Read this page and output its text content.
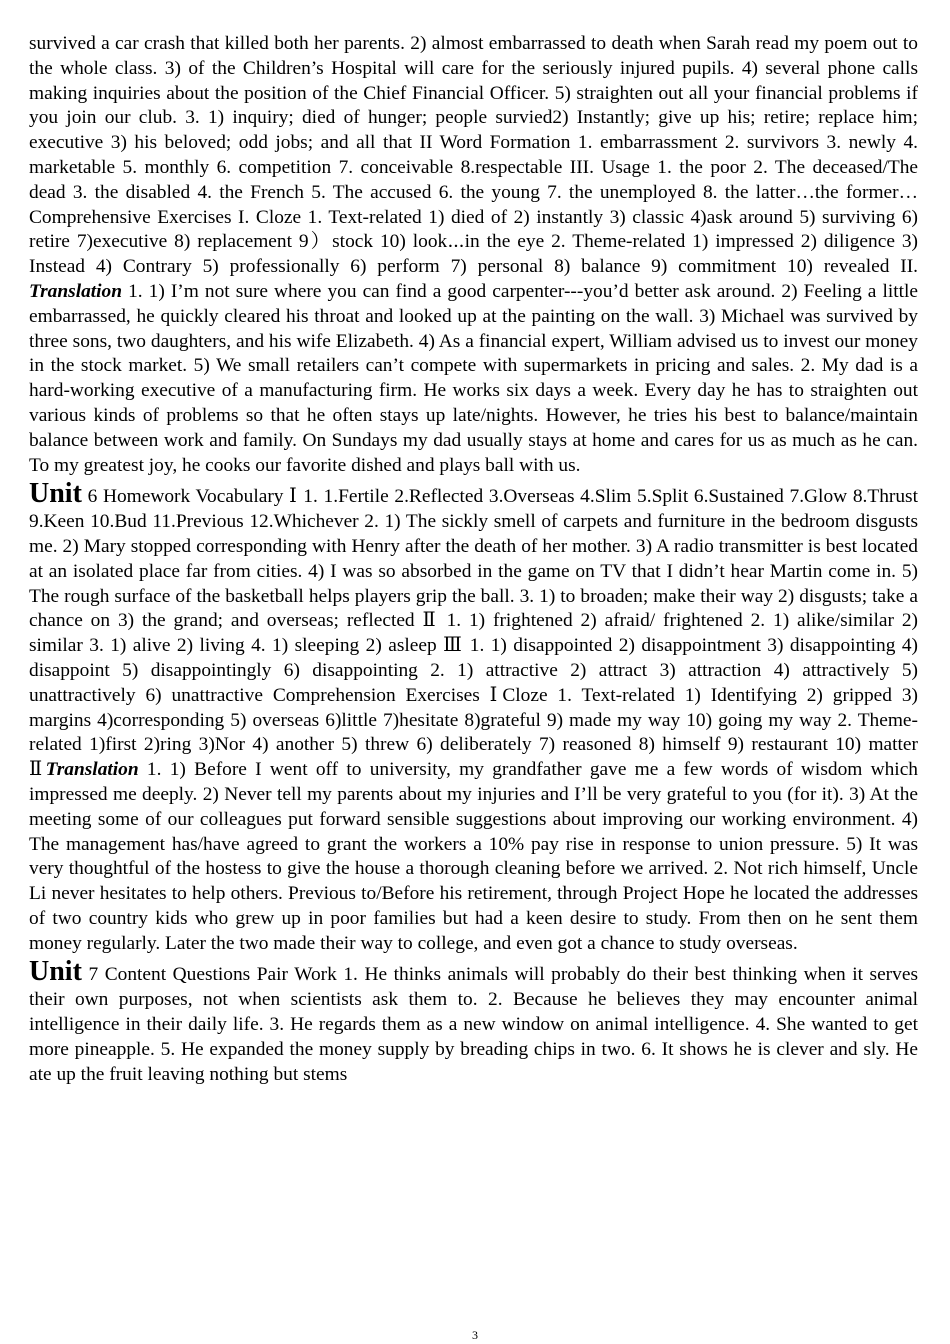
survived a car crash that killed both her parents. 2) almost embarrassed to death when Sarah read my poem out to the whole class. 3) of the Children’s Hospital will care for the seriously injured pupils. 4) several phone calls making inquiries about the position of the Chief Financial Officer. 5) straighten out all your financial problems if you join our club. 3. 1) inquiry; died of hunger; people survied2) Instantly; give up his; retire; replace him; executive 3) his beloved; odd jobs; and all that II Word Formation 1. embarrassment 2. survivors 3. newly 4. marketable 5. monthly 6. competition 7. conceivable 8.respectable III. Usage 1. the poor 2. The deceased/The dead 3. the disabled 4. the French 5. The accused 6. the young 7. the unemployed 8. the latter…the former… Comprehensive Exercises I. Cloze 1. Text-related 1) died of 2) instantly 3) classic 4)ask around 5) surviving 6) retire 7)executive 8) replacement 9）stock 10) look⋯in the eye 2. Theme-related 1) impressed 2) diligence 3) Instead 4) Contrary 5) professionally 6) perform 7) personal 8) balance 9) commitment 10) revealed II. Translation 1. 1) I’m not sure where you can find a good carpenter---you’d better ask around. 2) Feeling a little embarrassed, he quickly cleared his throat and looked up at the painting on the wall. 3) Michael was survived by three sons, two daughters, and his wife Elizabeth. 4) As a financial expert, William advised us to invest our money in the stock market. 5) We small retailers can’t compete with supermarkets in pricing and sales. 2. My dad is a hard-working executive of a manufacturing firm. He works six days a week. Every day he has to straighten out various kinds of problems so that he often stays up late/nights. However, he tries his best to balance/maintain balance between work and family. On Sundays my dad usually stays at home and cares for us as much as he can. To my greatest joy, he cooks our favorite dished and plays ball with us.

Unit 6 Homework Vocabulary Ⅰ 1. 1.Fertile 2.Reflected 3.Overseas 4.Slim 5.Split 6.Sustained 7.Glow 8.Thrust 9.Keen 10.Bud 11.Previous 12.Whichever 2. 1) The sickly smell of carpets and furniture in the bedroom disgusts me. 2) Mary stopped corresponding with Henry after the death of her mother. 3) A radio transmitter is best located at an isolated place far from cities. 4) I was so absorbed in the game on TV that I didn’t hear Martin come in. 5) The rough surface of the basketball helps players grip the ball. 3. 1) to broaden; make their way 2) disgusts; take a chance on 3) the grand; and overseas; reflected Ⅱ 1. 1) frightened 2) afraid/ frightened 2. 1) alike/similar 2) similar 3. 1) alive 2) living 4. 1) sleeping 2) asleep Ⅲ 1. 1) disappointed 2) disappointment 3) disappointing 4) disappoint 5) disappointingly 6) disappointing 2. 1) attractive 2) attract 3) attraction 4) attractively 5) unattractively 6) unattractive Comprehension Exercises ⅠCloze 1. Text-related 1) Identifying 2) gripped 3) margins 4)corresponding 5) overseas 6)little 7)hesitate 8)grateful 9) made my way 10) going my way 2. Theme-related 1)first 2)ring 3)Nor 4) another 5) threw 6) deliberately 7) reasoned 8) himself 9) restaurant 10) matter ⅡTranslation 1. 1) Before I went off to university, my grandfather gave me a few words of wisdom which impressed me deeply. 2) Never tell my parents about my injuries and I’ll be very grateful to you (for it). 3) At the meeting some of our colleagues put forward sensible suggestions about improving our working environment. 4) The management has/have agreed to grant the workers a 10% pay rise in response to union pressure. 5) It was very thoughtful of the hostess to give the house a thorough cleaning before we arrived. 2. Not rich himself, Uncle Li never hesitates to help others. Previous to/Before his retirement, through Project Hope he located the addresses of two country kids who grew up in poor families but had a keen desire to study. From then on he sent them money regularly. Later the two made their way to college, and even got a chance to study overseas.

Unit 7 Content Questions Pair Work 1. He thinks animals will probably do their best thinking when it serves their own purposes, not when scientists ask them to. 2. Because he believes they may encounter animal intelligence in their daily life. 3. He regards them as a new window on animal intelligence. 4. She wanted to get more pineapple. 5. He expanded the money supply by breading chips in two. 6. It shows he is clever and sly. He ate up the fruit leaving nothing but stems

3
